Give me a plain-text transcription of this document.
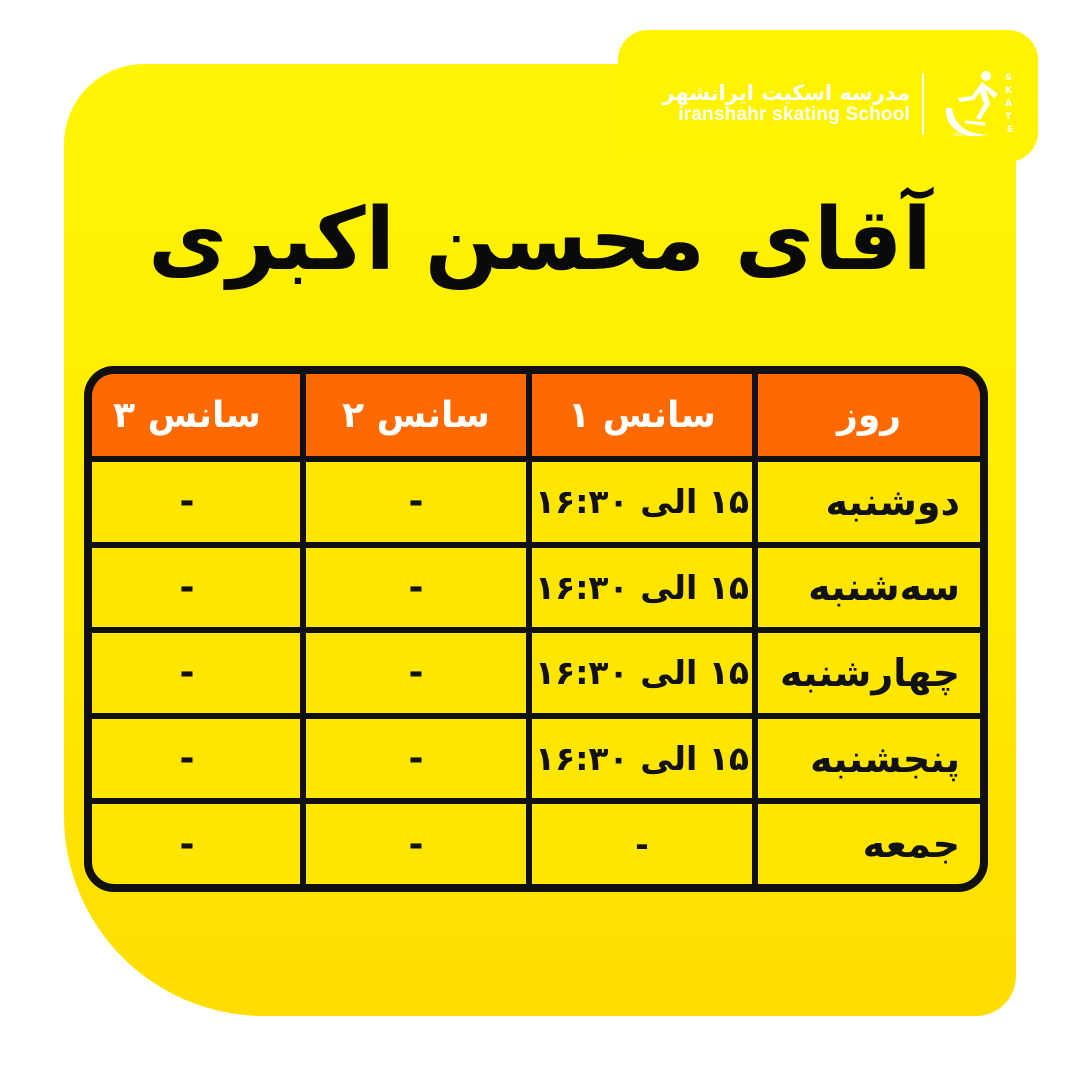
مدرسه اسکیت ایرانشهر
iranshahr skating School
S K A T E
best skate
آقای محسن اکبری
روز
سانس ۱
سانس ۲
سانس ۳
دوشنبه
۱۵ الی ۱۶:۳۰
-
-
سه‌شنبه
۱۵ الی ۱۶:۳۰
-
-
چهارشنبه
۱۵ الی ۱۶:۳۰
-
-
پنجشنبه
۱۵ الی ۱۶:۳۰
-
-
جمعه
-
-
-
